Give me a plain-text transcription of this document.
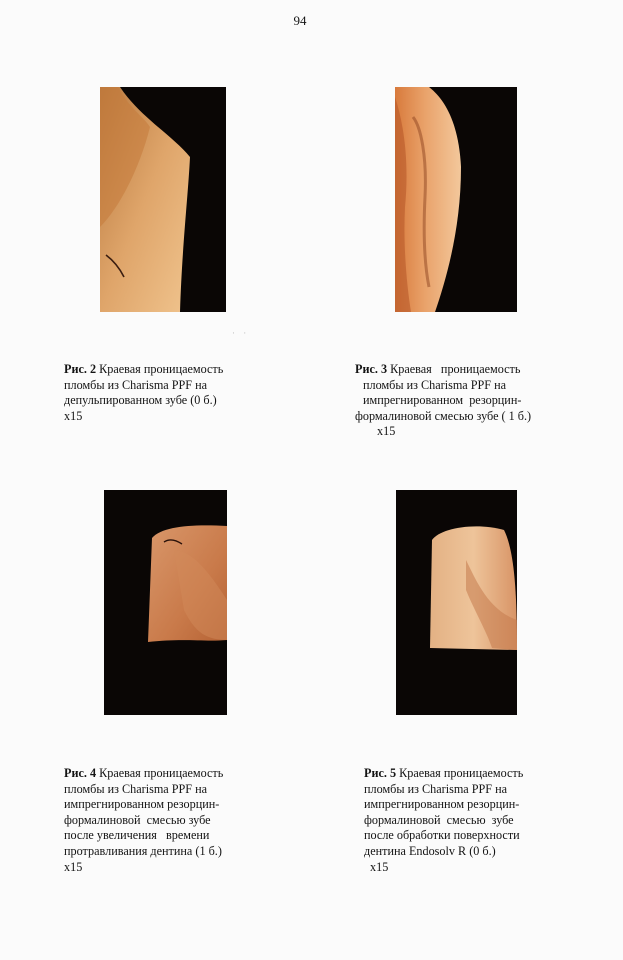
94
· ·
Рис. 2 Краевая проницаемость
пломбы из Charisma PPF на
депульпированном зубе (0 б.)
x15
Рис. 3 Краевая   проницаемость
пломбы из Charisma PPF на
импрегнированном  резорцин-
формалиновой смесью зубе ( 1 б.)
x15
Рис. 4 Краевая проницаемость
пломбы из Charisma PPF на
импрегнированном резорцин-
формалиновой  смесью зубе
после увеличения   времени
протравливания дентина (1 б.)
x15
Рис. 5 Краевая проницаемость
пломбы из Charisma PPF на
импрегнированном резорцин-
формалиновой  смесью  зубе
после обработки поверхности
дентина Endosolv R (0 б.)
x15
